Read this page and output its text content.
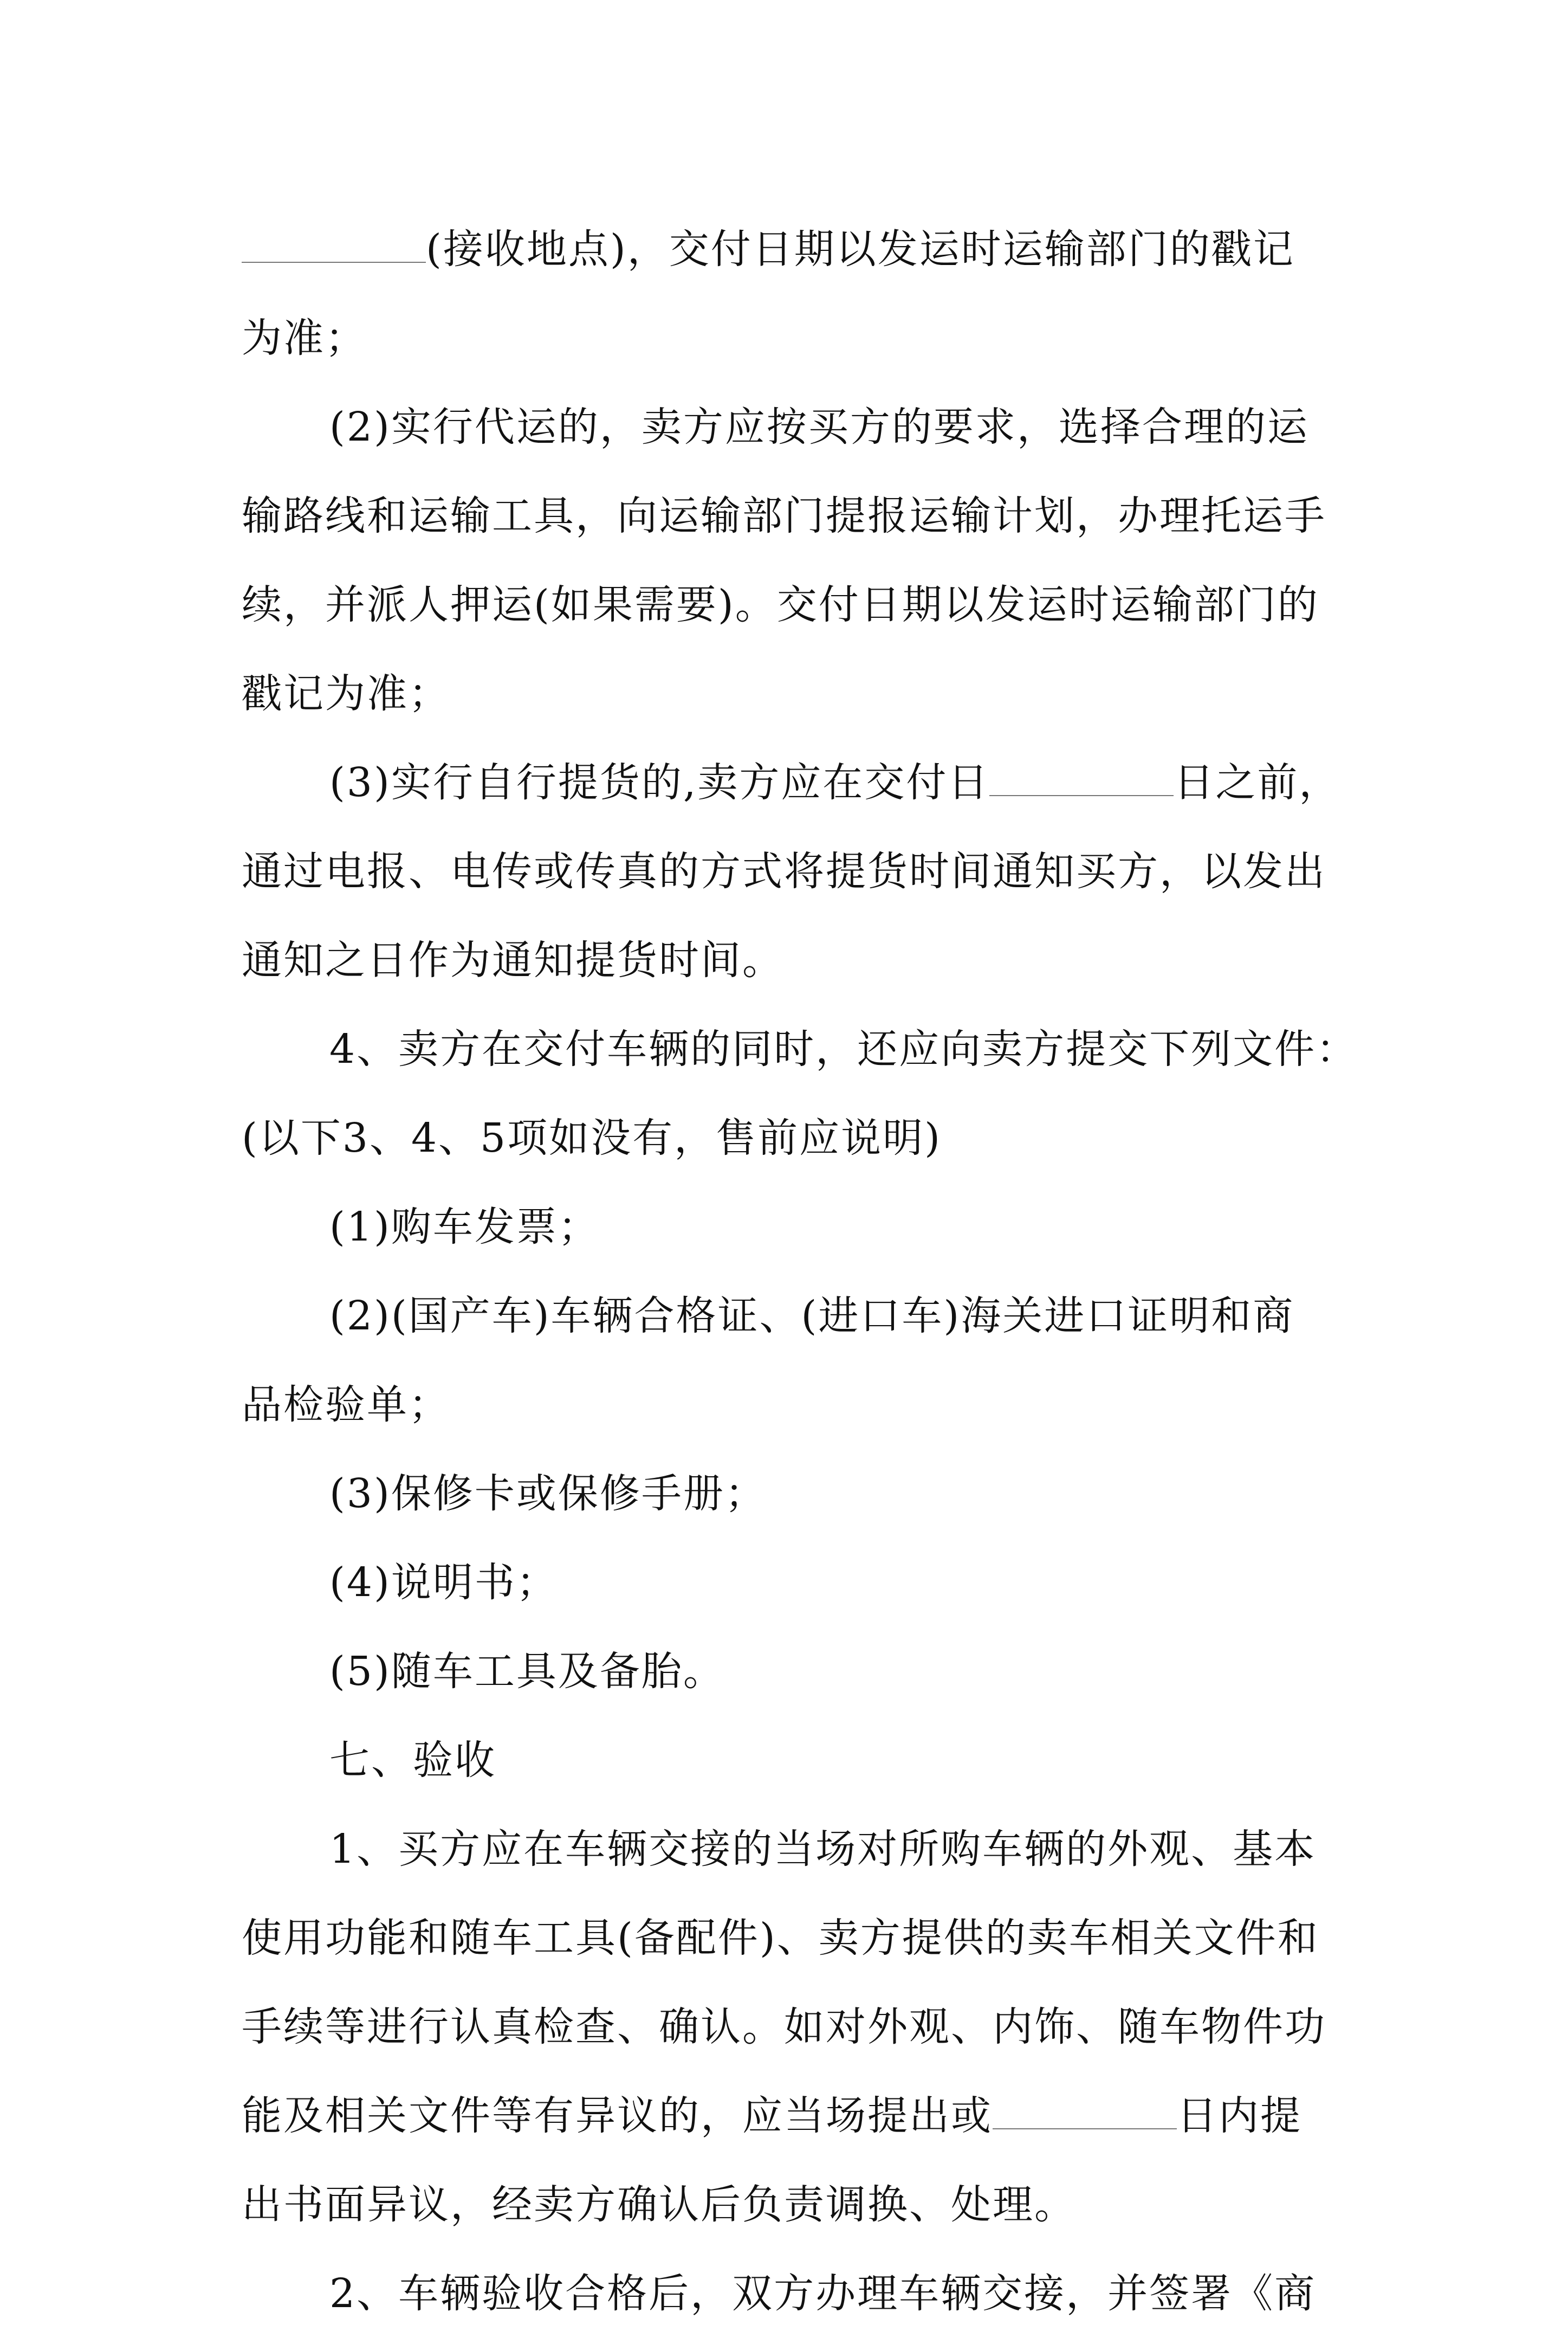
(接收地点)，交付日期以发运时运输部门的戳记
为准；
(2)实行代运的，卖方应按买方的要求，选择合理的运
输路线和运输工具，向运输部门提报运输计划，办理托运手
续，并派人押运(如果需要)。交付日期以发运时运输部门的
戳记为准；
(3)实行自行提货的,卖方应在交付日	日之前，
通过电报、电传或传真的方式将提货时间通知买方，以发出
通知之日作为通知提货时间。
4、卖方在交付车辆的同时，还应向卖方提交下列文件：
(以下3、4、5项如没有，售前应说明)
(1)购车发票；
(2)(国产车)车辆合格证、(进口车)海关进口证明和商
品检验单；
(3)保修卡或保修手册；
(4)说明书；
(5)随车工具及备胎。
七、验收
1、买方应在车辆交接的当场对所购车辆的外观、基本
使用功能和随车工具(备配件)、卖方提供的卖车相关文件和
手续等进行认真检查、确认。如对外观、内饰、随车物件功
能及相关文件等有异议的，应当场提出或	日内提
出书面异议，经卖方确认后负责调换、处理。
2、车辆验收合格后，双方办理车辆交接，并签署《商
